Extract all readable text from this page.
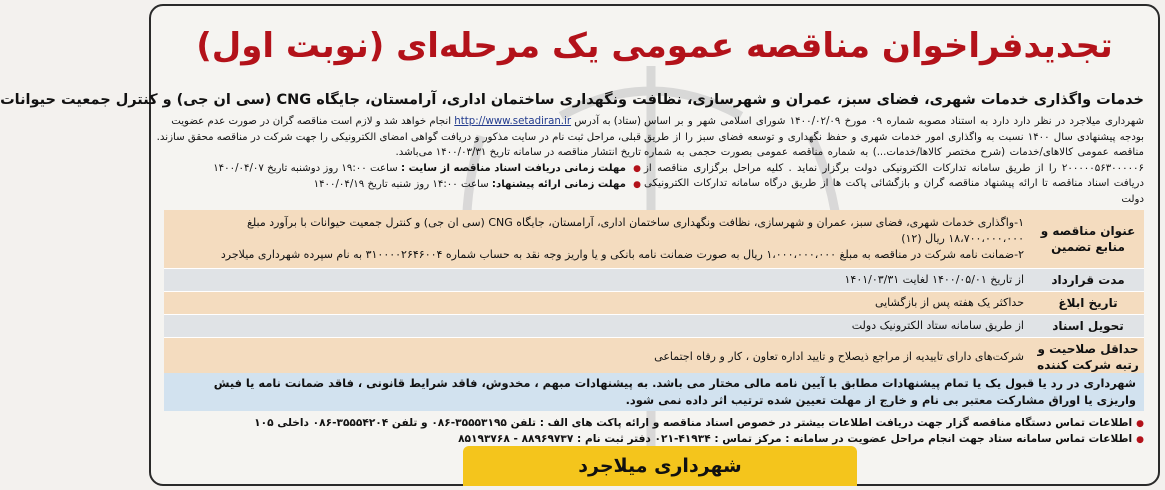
تجدیدفراخوان مناقصه عمومی یک مرحله‌ای (نوبت اول)
خدمات واگذاری خدمات شهری، فضای سبز، عمران و شهرسازی، نظافت ونگهداری ساختمان اداری، آرامستان، جایگاه CNG (سی ان جی) و کنترل جمعیت حیوانات
شهرداری میلاجرد در نظر دارد دارد به استناد مصوبه شماره ۰۹ مورخ ۱۴۰۰/۰۲/۰۹ شورای اسلامی شهر و بر اساس بودجه پیشنهادی سال ۱۴۰۰ نسبت به واگذاری امور خدمات شهری و حفظ نگهداری و توسعه فضای سبز را از طریق مناقصه عمومی کالاهای/خدمات (شرح مختصر کالاها/خدمات...) به شماره مناقصه عمومی بصورت حجمی به شماره ۲۰۰۰۰۰۵۶۳۰۰۰۰۰۶ را از طریق سامانه تدارکات الکترونیکی دولت برگزار نماید . کلیه مراحل برگزاری مناقصه از دریافت اسناد مناقصه تا ارائه پیشنهاد مناقصه گران و بازگشائی پاکت ها از طریق درگاه سامانه تدارکات الکترونیکی دولت
(ستاد) به آدرس http://www.setadiran.ir انجام خواهد شد و لازم است مناقصه گران در صورت عدم عضویت
قبلی، مراحل ثبت نام در سایت مذکور و دریافت گواهی امضای الکترونیکی را جهت شرکت در مناقصه محقق سازند.
تاریخ انتشار مناقصه در سامانه تاریخ ۱۴۰۰/۰۳/۳۱ می‌باشد.
● مهلت زمانی دریافت اسناد مناقصه از سایت : ساعت ۱۹:۰۰ روز دوشنبه تاریخ ۱۴۰۰/۰۴/۰۷
● مهلت زمانی ارائه پیشنهاد: ساعت ۱۴:۰۰ روز شنبه تاریخ ۱۴۰۰/۰۴/۱۹
عنوان مناقصه و منابع تضمین
۱-واگذاری خدمات شهری، فضای سبز، عمران و شهرسازی، نظافت ونگهداری ساختمان اداری، آرامستان، جایگاه CNG (سی ان جی) و کنترل جمعیت حیوانات با برآورد مبلغ ۱۸،۷۰۰،۰۰۰،۰۰۰ ریال (۱۲)
۲-ضمانت نامه شرکت در مناقصه به مبلغ ۱،۰۰۰،۰۰۰،۰۰۰ ریال به صورت ضمانت نامه بانکی و یا واریز وجه نقد به حساب شماره ۳۱۰۰۰۰۲۶۴۶۰۰۴ به نام سپرده شهرداری میلاجرد
مدت قرارداد
از تاریخ ۱۴۰۰/۰۵/۰۱ لغایت ۱۴۰۱/۰۳/۳۱
تاریخ ابلاغ
حداکثر یک هفته پس از بازگشایی
تحویل اسناد
از طریق سامانه ستاد الکترونیک دولت
حداقل صلاحیت و رتبه شرکت کننده
شرکت‌های دارای تاییدیه از مراجع ذیصلاح و تایید اداره تعاون ، کار و رفاه اجتماعی
شهرداری در رد یا قبول یک یا تمام پیشنهادات مطابق با آیین نامه مالی مختار می باشد. به پیشنهادات مبهم ، مخدوش، فاقد شرایط قانونی ، فاقد ضمانت نامه یا فیش واریزی یا اوراق مشارکت معتبر بی نام و خارج از مهلت تعیین شده ترتیب اثر داده نمی شود.
● اطلاعات تماس دستگاه مناقصه گزار جهت دریافت اطلاعات بیشتر در خصوص اسناد مناقصه و ارائه پاکت های الف : تلفن ۳۵۵۵۳۱۹۵-۰۸۶ و تلفن ۳۵۵۵۴۲۰۴-۰۸۶ داخلی ۱۰۵
● اطلاعات تماس سامانه ستاد جهت انجام مراحل عضویت در سامانه : مرکز تماس : ۴۱۹۳۴-۰۲۱ دفتر ثبت نام : ۸۸۹۶۹۷۳۷ - ۸۵۱۹۳۷۶۸
شهرداری میلاجرد
